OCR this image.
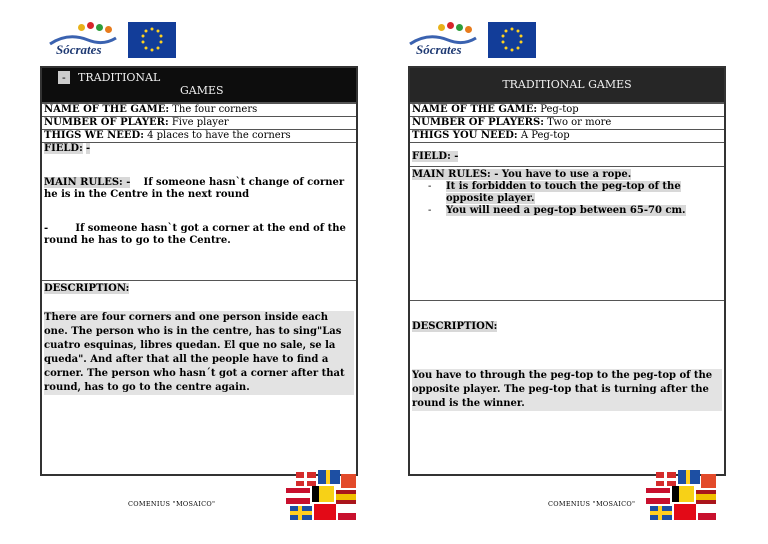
Sócrates	Sócrates
-	TRADITIONAL
GAMES
NAME OF THE GAME: The four corners
NUMBER OF PLAYER: Five player
THIGS WE NEED: 4 places to have the corners
FIELD: -
MAIN RULES: - If someone hasn`t change of corner he is in the Centre in the next round
-	If someone hasn`t got a corner at the end of the round he has to go to the Centre.
DESCRIPTION:
There are four corners and one person inside each one. The person who is in the centre, has to sing"Las cuatro esquinas, libres quedan. El que no sale, se la queda". And after that all the people have to find a corner. The person who hasn´t got a corner after that round, has to go to the centre again.
TRADITIONAL GAMES
NAME OF THE GAME: Peg-top
NUMBER OF PLAYERS: Two or more
THIGS YOU NEED: A Peg-top
FIELD: -
MAIN RULES: - You have to use a rope.
- It is forbidden to touch the peg-top of the opposite player.
- You will need a peg-top between 65-70 cm.
DESCRIPTION:
You have to through the peg-top to the peg-top of the opposite player. The peg-top that is turning after the round is the winner.
COMENIUS "MOSAICO"	COMENIUS "MOSAICO"
